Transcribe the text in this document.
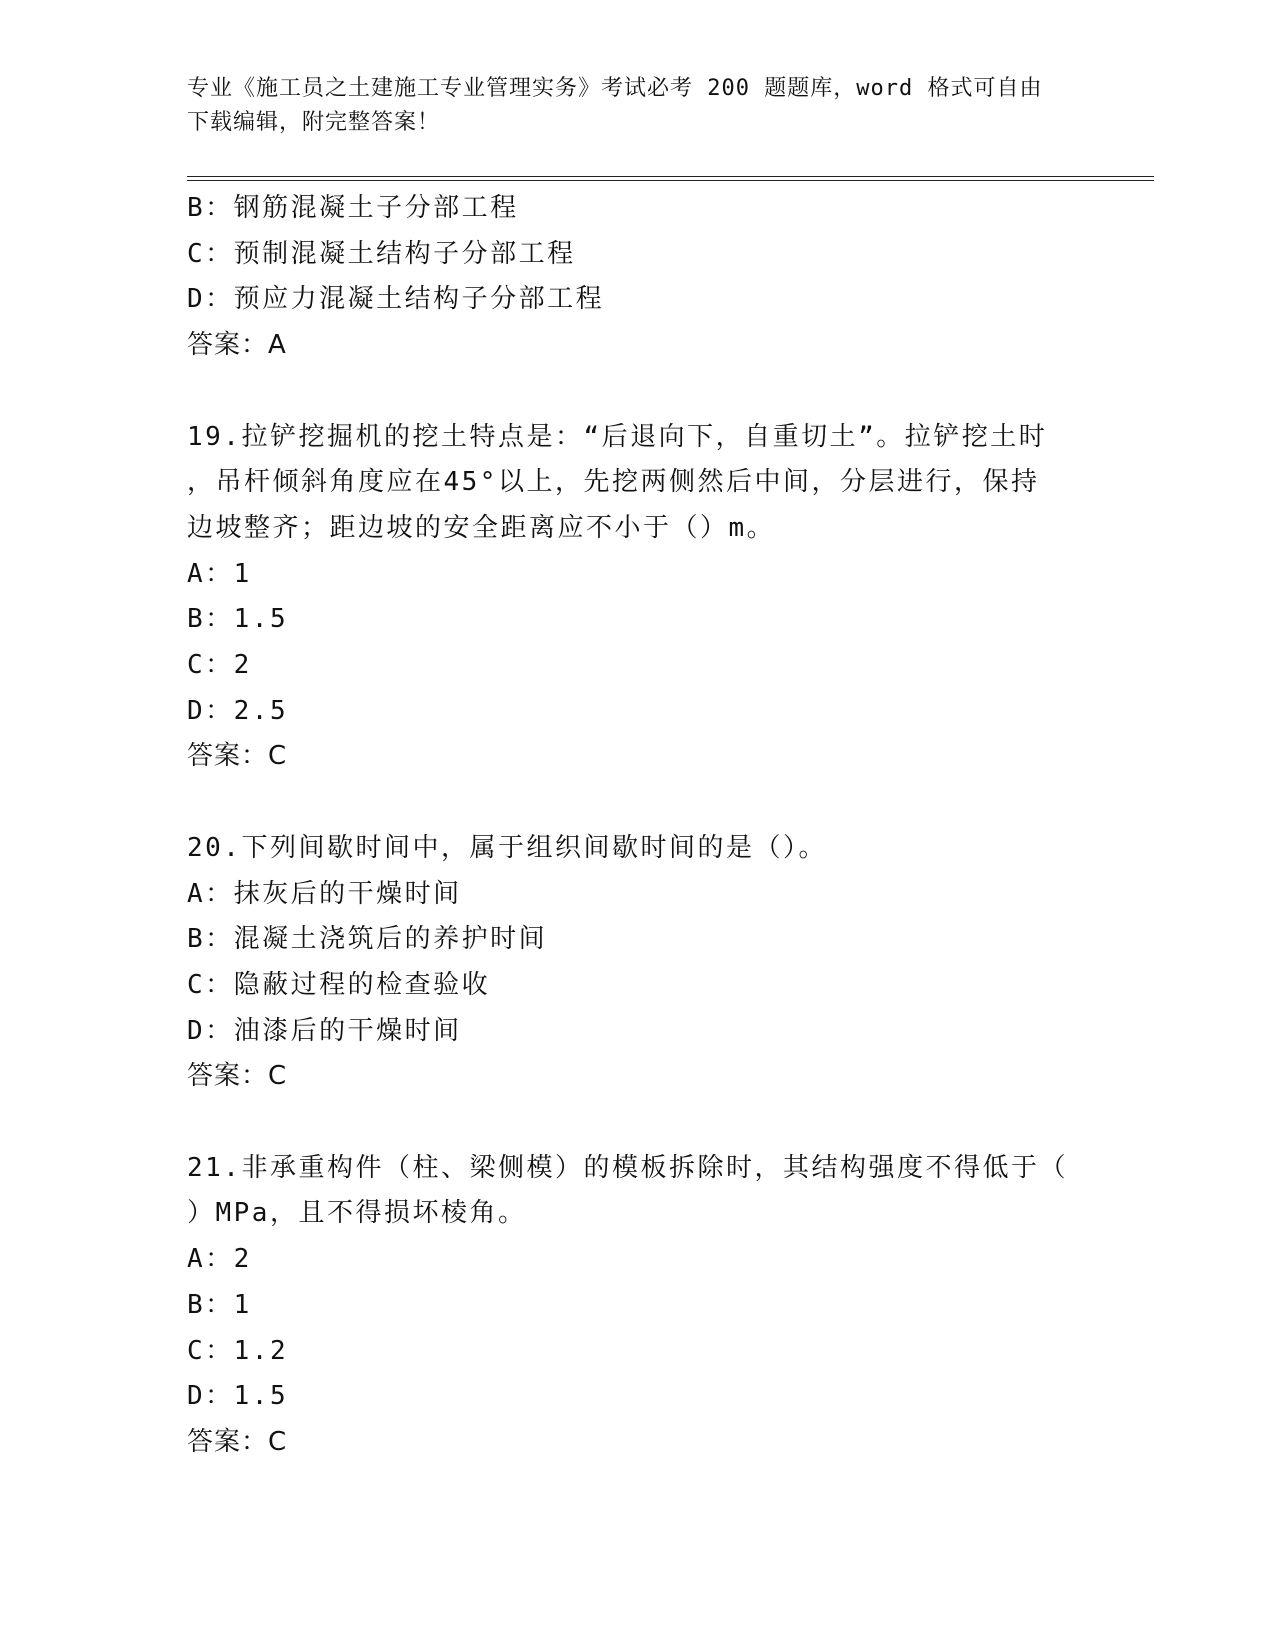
专业《施工员之土建施工专业管理实务》考试必考 200 题题库，word 格式可自由
下载编辑，附完整答案！
B：钢筋混凝土子分部工程
C：预制混凝土结构子分部工程
D：预应力混凝土结构子分部工程
答案：A
19.拉铲挖掘机的挖土特点是：“后退向下，自重切土”。拉铲挖土时
，吊杆倾斜角度应在45°以上，先挖两侧然后中间，分层进行，保持
边坡整齐；距边坡的安全距离应不小于（）m。
A：1
B：1.5
C：2
D：2.5
答案：C
20.下列间歇时间中，属于组织间歇时间的是（）。
A：抹灰后的干燥时间
B：混凝土浇筑后的养护时间
C：隐蔽过程的检查验收
D：油漆后的干燥时间
答案：C
21.非承重构件（柱、梁侧模）的模板拆除时，其结构强度不得低于（
）MPa，且不得损坏棱角。
A：2
B：1
C：1.2
D：1.5
答案：C
